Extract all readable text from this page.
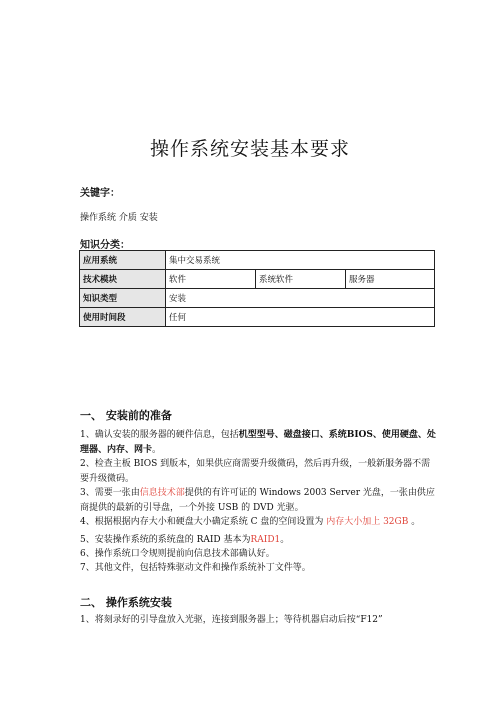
操作系统安装基本要求
关键字：
操作系统 介质 安装
知识分类：
应用系统	集中交易系统		
技术模块	软件	系统软件	服务器
知识类型	安装		
使用时间段	任何		
一、 安装前的准备
1、确认安装的服务器的硬件信息，包括机型型号、磁盘接口、系统BIOS、使用硬盘、处理器、内存、网卡。
2、检查主板 BIOS 到版本，如果供应商需要升级微码，然后再升级，一般新服务器不需要升级微码。
3、需要一张由信息技术部提供的有许可证的 Windows 2003 Server 光盘，一张由供应商提供的最新的引导盘，一个外接 USB 的 DVD 光驱。
4、根据根据内存大小和硬盘大小确定系统 C 盘的空间设置为 内存大小加上 32GB 。
5、安装操作系统的系统盘的 RAID 基本为RAID1。
6、操作系统口令规则提前向信息技术部确认好。
7、其他文件，包括特殊驱动文件和操作系统补丁文件等。
二、 操作系统安装
1、将刻录好的引导盘放入光驱，连接到服务器上；等待机器启动后按“F12”
